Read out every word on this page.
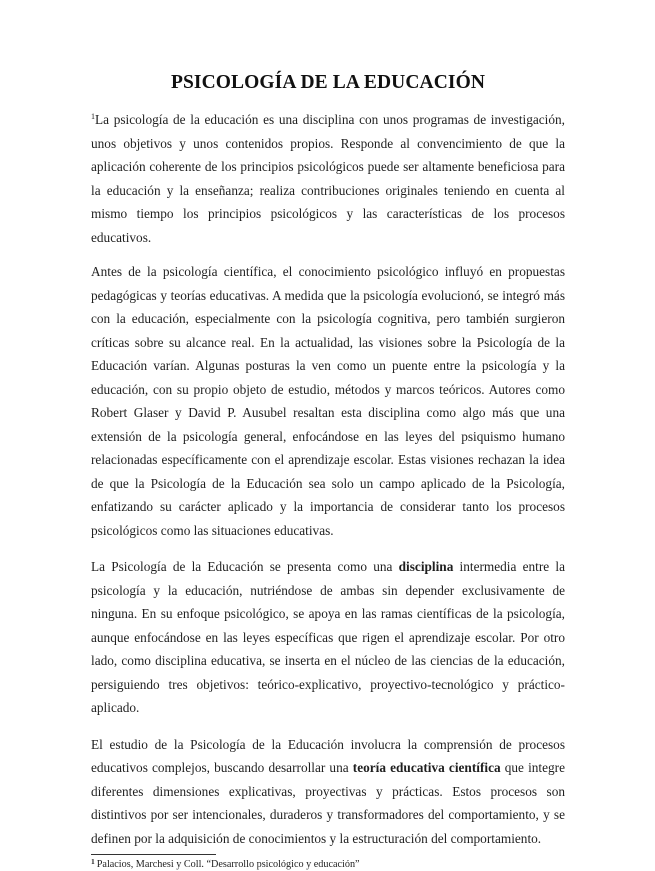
PSICOLOGÍA DE LA EDUCACIÓN

$^1$La psicología de la educación es una disciplina con unos programas de investigación, unos objetivos y unos contenidos propios. Responde al convencimiento de que la aplicación coherente de los principios psicológicos puede ser altamente beneficiosa para la educación y la enseñanza; realiza contribuciones originales teniendo en cuenta al mismo tiempo los principios psicológicos y las características de los procesos educativos.

Antes de la psicología científica, el conocimiento psicológico influyó en propuestas pedagógicas y teorías educativas. A medida que la psicología evolucionó, se integró más con la educación, especialmente con la psicología cognitiva, pero también surgieron críticas sobre su alcance real. En la actualidad, las visiones sobre la Psicología de la Educación varían. Algunas posturas la ven como un puente entre la psicología y la educación, con su propio objeto de estudio, métodos y marcos teóricos. Autores como Robert Glaser y David P. Ausubel resaltan esta disciplina como algo más que una extensión de la psicología general, enfocándose en las leyes del psiquismo humano relacionadas específicamente con el aprendizaje escolar. Estas visiones rechazan la idea de que la Psicología de la Educación sea solo un campo aplicado de la Psicología, enfatizando su carácter aplicado y la importancia de considerar tanto los procesos psicológicos como las situaciones educativas.

La Psicología de la Educación se presenta como una disciplina intermedia entre la psicología y la educación, nutriéndose de ambas sin depender exclusivamente de ninguna. En su enfoque psicológico, se apoya en las ramas científicas de la psicología, aunque enfocándose en las leyes específicas que rigen el aprendizaje escolar. Por otro lado, como disciplina educativa, se inserta en el núcleo de las ciencias de la educación, persiguiendo tres objetivos: teórico-explicativo, proyectivo-tecnológico y práctico-aplicado.

El estudio de la Psicología de la Educación involucra la comprensión de procesos educativos complejos, buscando desarrollar una teoría educativa científica que integre diferentes dimensiones explicativas, proyectivas y prácticas. Estos procesos son distintivos por ser intencionales, duraderos y transformadores del comportamiento, y se definen por la adquisición de conocimientos y la estructuración del comportamiento.

$^1$ Palacios, Marchesi y Coll. “Desarrollo psicológico y educación”
